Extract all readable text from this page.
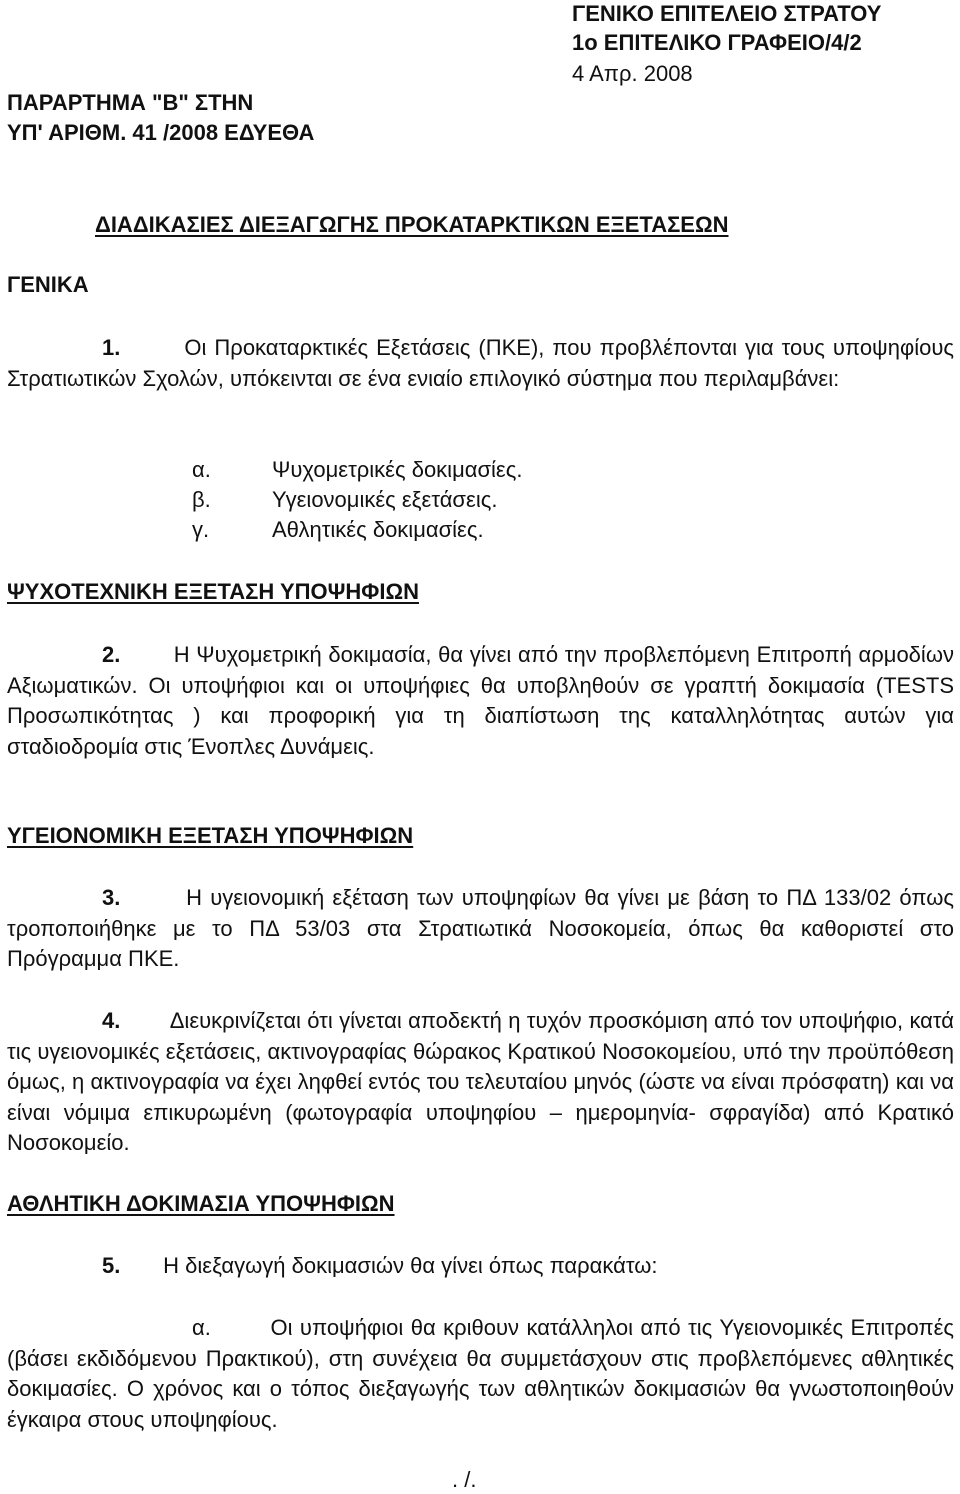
ΓΕΝΙΚΟ ΕΠΙΤΕΛΕΙΟ ΣΤΡΑΤΟΥ
1ο ΕΠΙΤΕΛΙΚΟ ΓΡΑΦΕΙΟ/4/2
4 Απρ. 2008
ΠΑΡΑΡΤΗΜΑ "Β" ΣΤΗΝ
ΥΠ' ΑΡΙΘΜ. 41 /2008 ΕΔΥΕΘΑ
ΔΙΑΔΙΚΑΣΙΕΣ ΔΙΕΞΑΓΩΓΗΣ ΠΡΟΚΑΤΑΡΚΤΙΚΩΝ ΕΞΕΤΑΣΕΩΝ
ΓΕΝΙΚΑ
1.	Οι Προκαταρκτικές Εξετάσεις (ΠΚΕ), που προβλέπονται για τους υποψηφίους Στρατιωτικών Σχολών, υπόκεινται σε ένα ενιαίο επιλογικό σύστημα που περιλαμβάνει:
α.	Ψυχομετρικές δοκιμασίες.
β.	Υγειονομικές εξετάσεις.
γ.	Αθλητικές δοκιμασίες.
ΨΥΧΟΤΕΧΝΙΚΗ ΕΞΕΤΑΣΗ ΥΠΟΨΗΦΙΩΝ
2. Η Ψυχομετρική δοκιμασία, θα γίνει από την προβλεπόμενη Επιτροπή αρμοδίων Αξιωματικών. Οι υποψήφιοι και οι υποψήφιες θα υποβληθούν σε γραπτή δοκιμασία (TESTS Προσωπικότητας ) και προφορική για τη διαπίστωση της καταλληλότητας αυτών για σταδιοδρομία στις Ένοπλες Δυνάμεις.
ΥΓΕΙΟΝΟΜΙΚΗ ΕΞΕΤΑΣΗ ΥΠΟΨΗΦΙΩΝ
3.	Η υγειονομική εξέταση των υποψηφίων θα γίνει με βάση το ΠΔ 133/02 όπως τροποποιήθηκε με το ΠΔ 53/03 στα Στρατιωτικά Νοσοκομεία, όπως θα καθοριστεί στο Πρόγραμμα ΠΚΕ.
4. Διευκρινίζεται ότι γίνεται αποδεκτή η τυχόν προσκόμιση από τον υποψήφιο, κατά τις υγειονομικές εξετάσεις, ακτινογραφίας θώρακος Κρατικού Νοσοκομείου, υπό την προϋπόθεση όμως, η ακτινογραφία να έχει ληφθεί εντός του τελευταίου μηνός (ώστε να είναι πρόσφατη) και να είναι νόμιμα επικυρωμένη (φωτογραφία υποψηφίου – ημερομηνία- σφραγίδα) από Κρατικό Νοσοκομείο.
ΑΘΛΗΤΙΚΗ ΔΟΚΙΜΑΣΙΑ ΥΠΟΨΗΦΙΩΝ
5. Η διεξαγωγή δοκιμασιών θα γίνει όπως παρακάτω:
α.	Οι υποψήφιοι θα κριθουν κατάλληλοι από τις Υγειονομικές Επιτροπές (βάσει εκδιδόμενου Πρακτικού), στη συνέχεια θα συμμετάσχουν στις προβλεπόμενες αθλητικές δοκιμασίες. Ο χρόνος και ο τόπος διεξαγωγής των αθλητικών δοκιμασιών θα γνωστοποιηθούν έγκαιρα στους υποψηφίους.
. /.
